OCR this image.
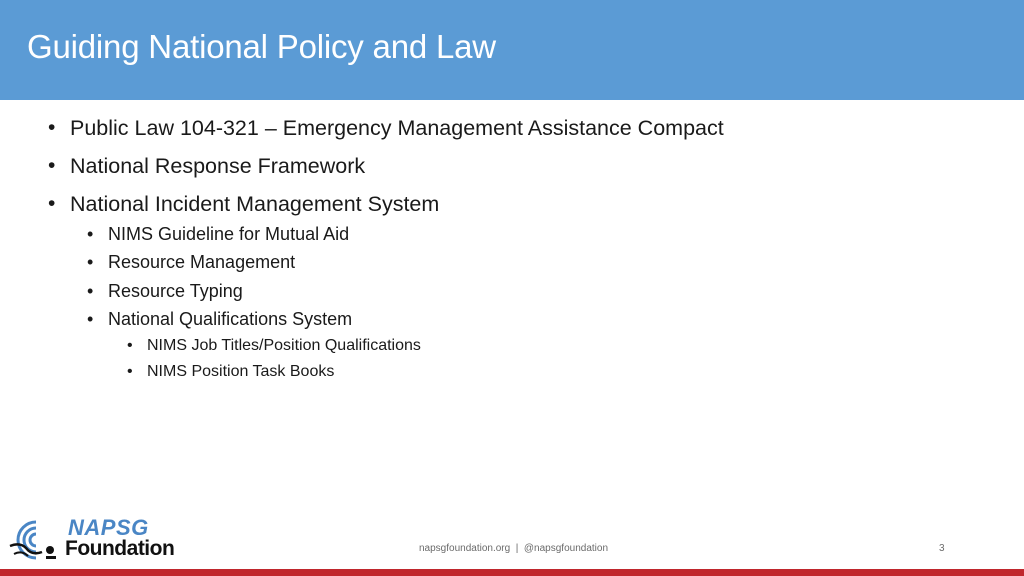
Guiding National Policy and Law
• Public Law 104-321 – Emergency Management Assistance Compact
• National Response Framework
• National Incident Management System
• NIMS Guideline for Mutual Aid
• Resource Management
• Resource Typing
• National Qualifications System
• NIMS Job Titles/Position Qualifications
• NIMS Position Task Books
NAPSG
Foundation	napsgfoundation.org  |  @napsgfoundation	3
